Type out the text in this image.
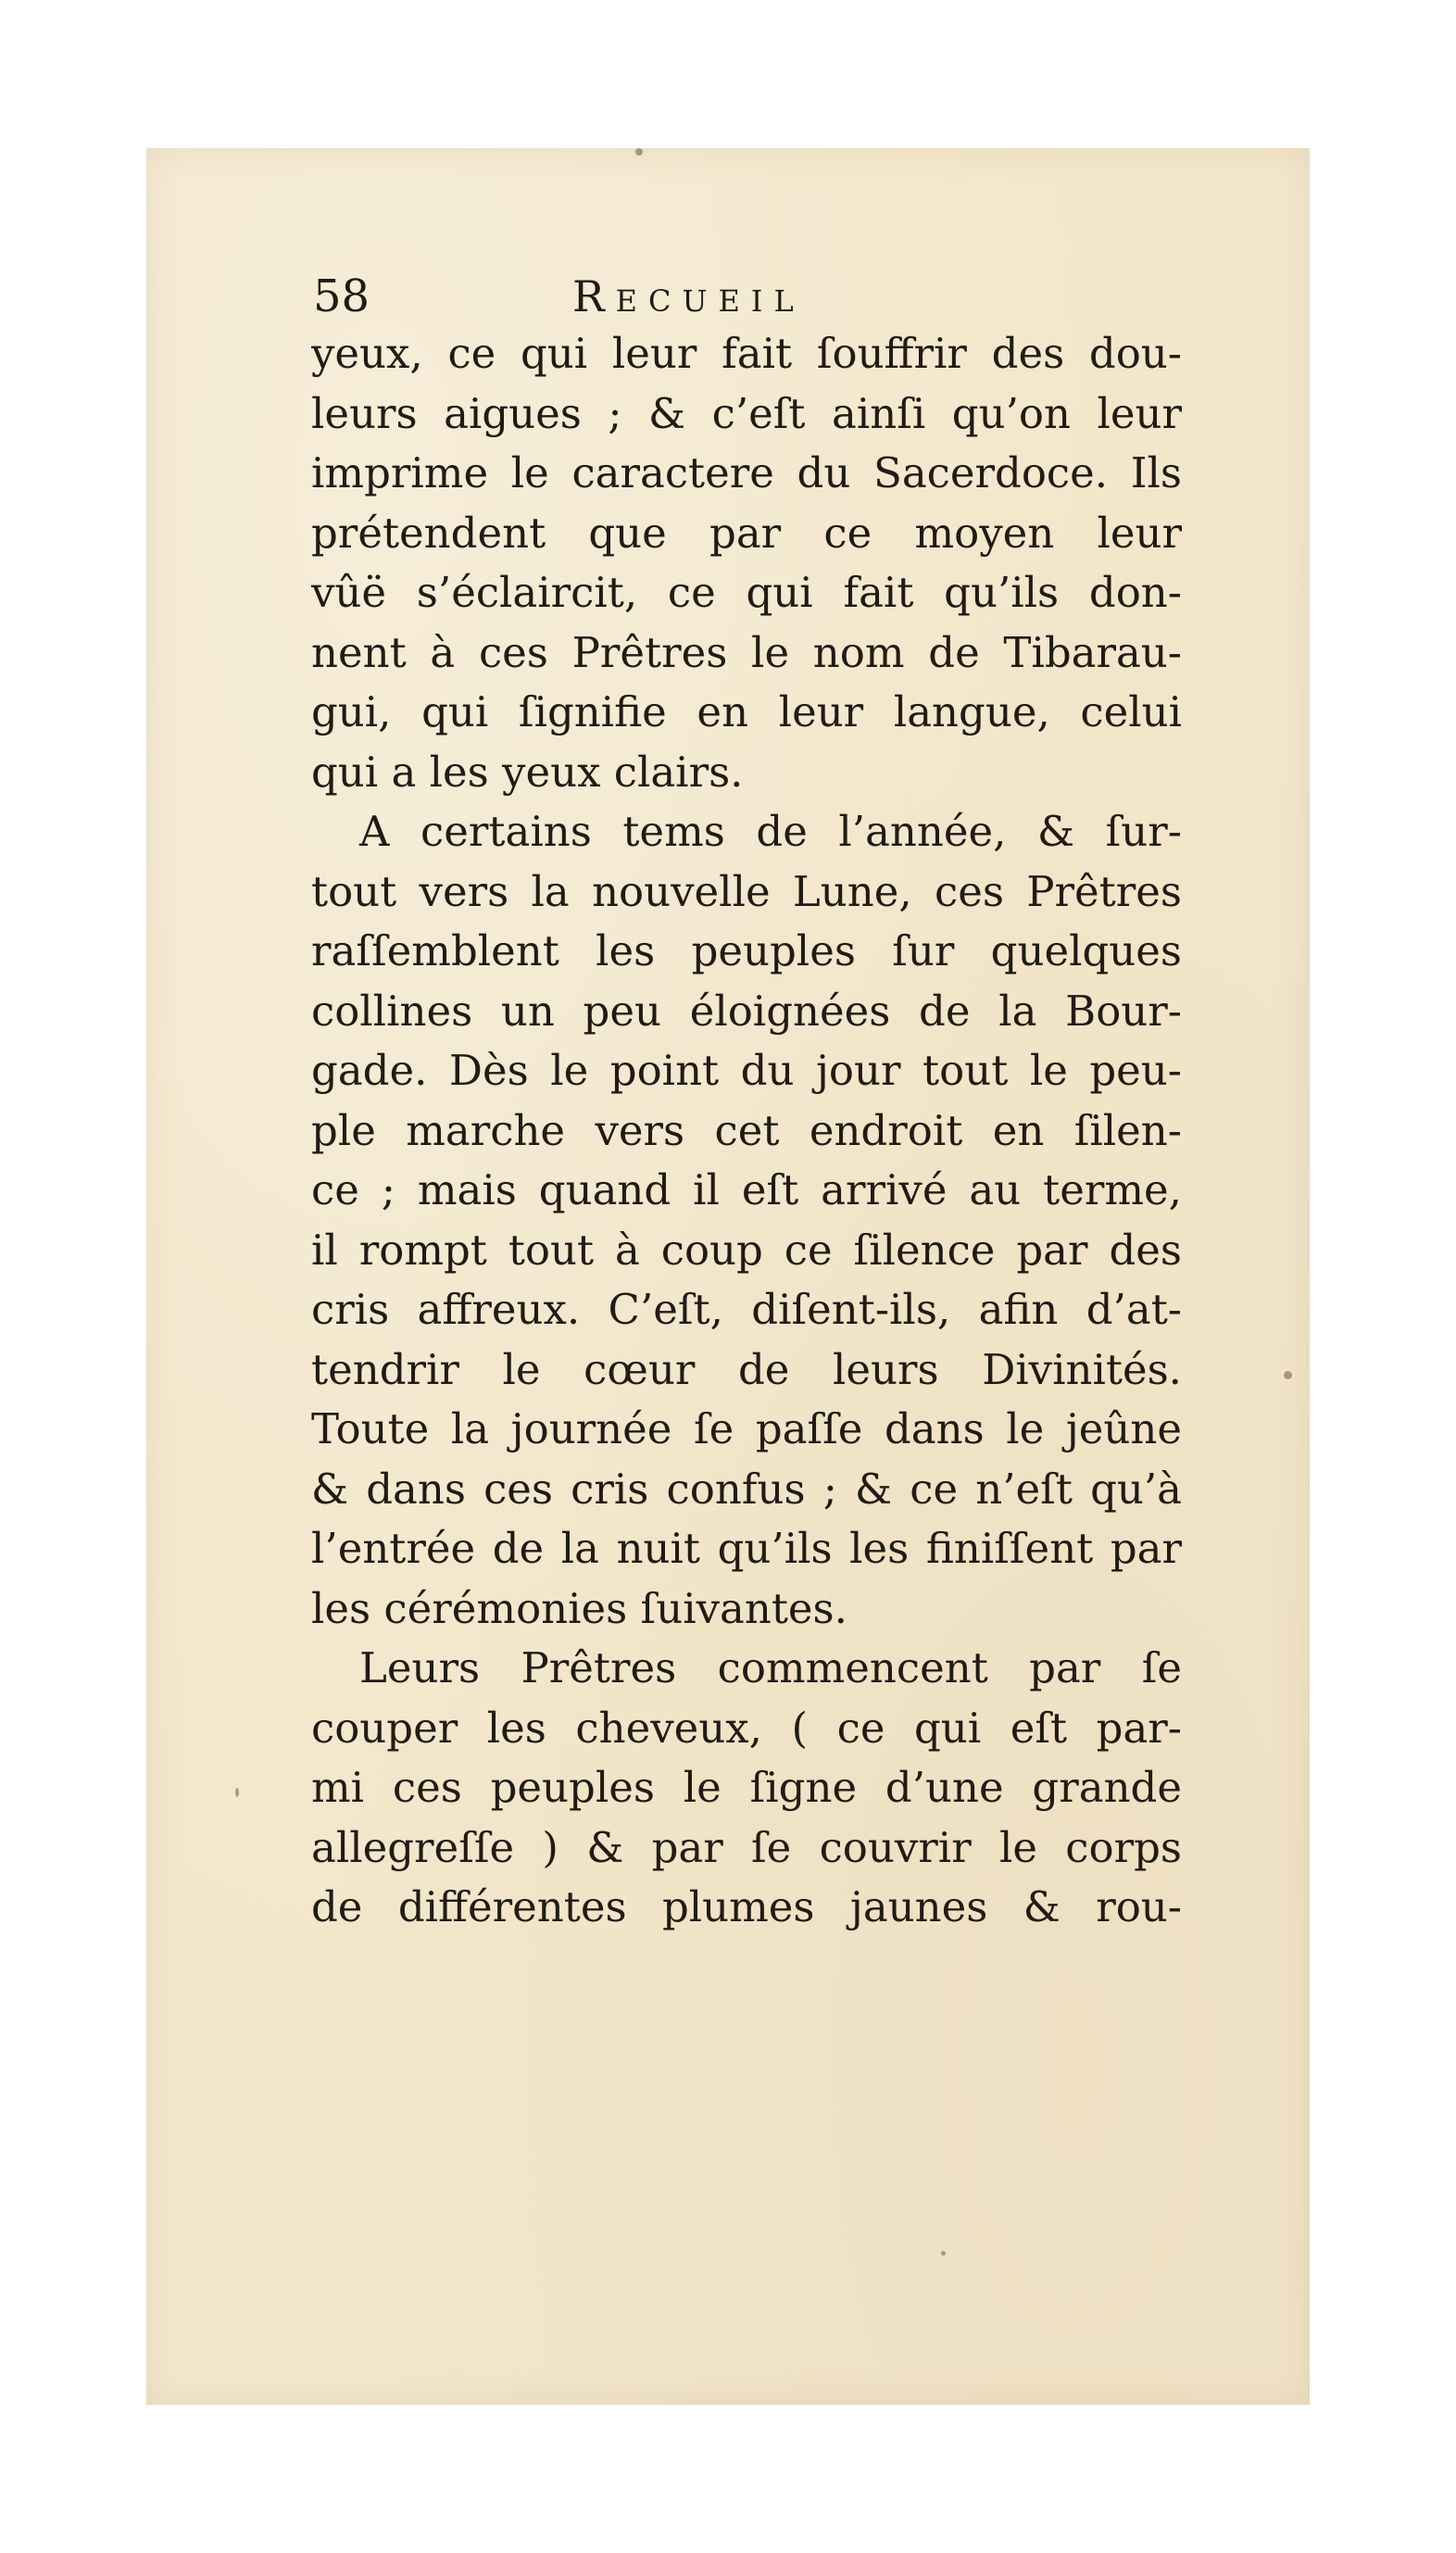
58	Recueil
yeux, ce qui leur fait ſouffrir des dou-
leurs aigues ; & c’eſt ainſi qu’on leur
imprime le caractere du Sacerdoce. Ils
prétendent que par ce moyen leur
vûë s’éclaircit, ce qui fait qu’ils don-
nent à ces Prêtres le nom de Tibarau-
gui, qui ſignifie en leur langue, celui
qui a les yeux clairs.
A certains tems de l’année, & ſur-
tout vers la nouvelle Lune, ces Prêtres
raſſemblent les peuples ſur quelques
collines un peu éloignées de la Bour-
gade. Dès le point du jour tout le peu-
ple marche vers cet endroit en ſilen-
ce ; mais quand il eſt arrivé au terme,
il rompt tout à coup ce ſilence par des
cris affreux. C’eſt, diſent-ils, afin d’at-
tendrir le cœur de leurs Divinités.
Toute la journée ſe paſſe dans le jeûne
& dans ces cris confus ; & ce n’eſt qu’à
l’entrée de la nuit qu’ils les finiſſent par
les cérémonies ſuivantes.
Leurs Prêtres commencent par ſe
couper les cheveux, ( ce qui eſt par-
mi ces peuples le ſigne d’une grande
allegreſſe ) & par ſe couvrir le corps
de différentes plumes jaunes & rou-
